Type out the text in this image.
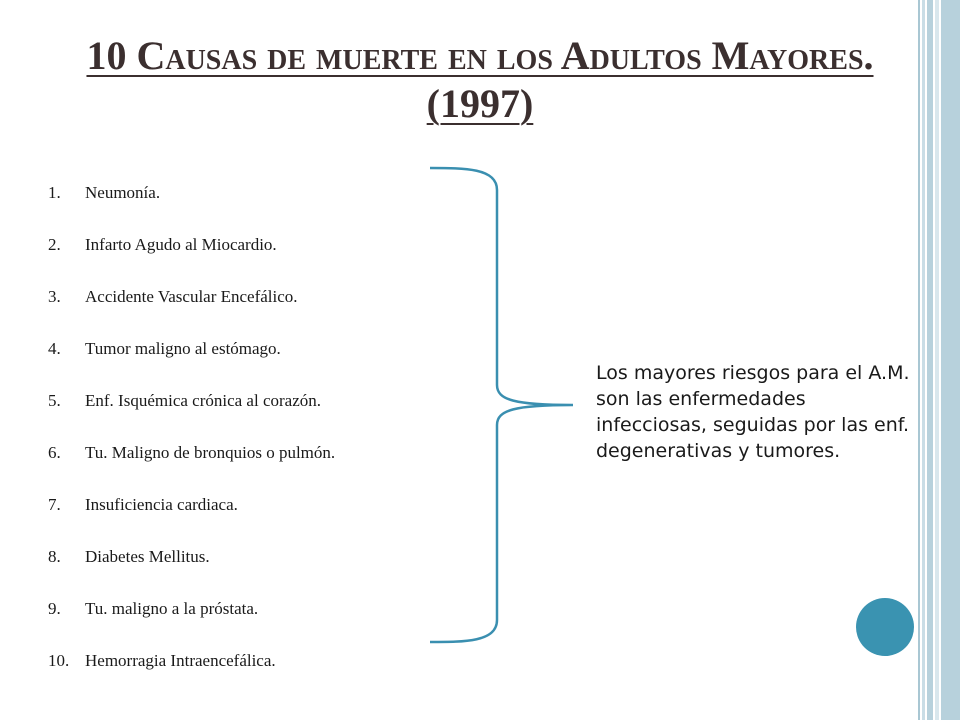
10 Causas de muerte en los Adultos Mayores. (1997)
1. Neumonía.
2. Infarto Agudo al Miocardio.
3. Accidente Vascular Encefálico.
4. Tumor maligno al estómago.
5. Enf. Isquémica crónica al corazón.
6. Tu. Maligno de bronquios o pulmón.
7. Insuficiencia cardiaca.
8. Diabetes Mellitus.
9. Tu. maligno a la próstata.
10. Hemorragia Intraencefálica.

Los mayores riesgos para el A.M. son las enfermedades infecciosas, seguidas por las enf. degenerativas y tumores.
